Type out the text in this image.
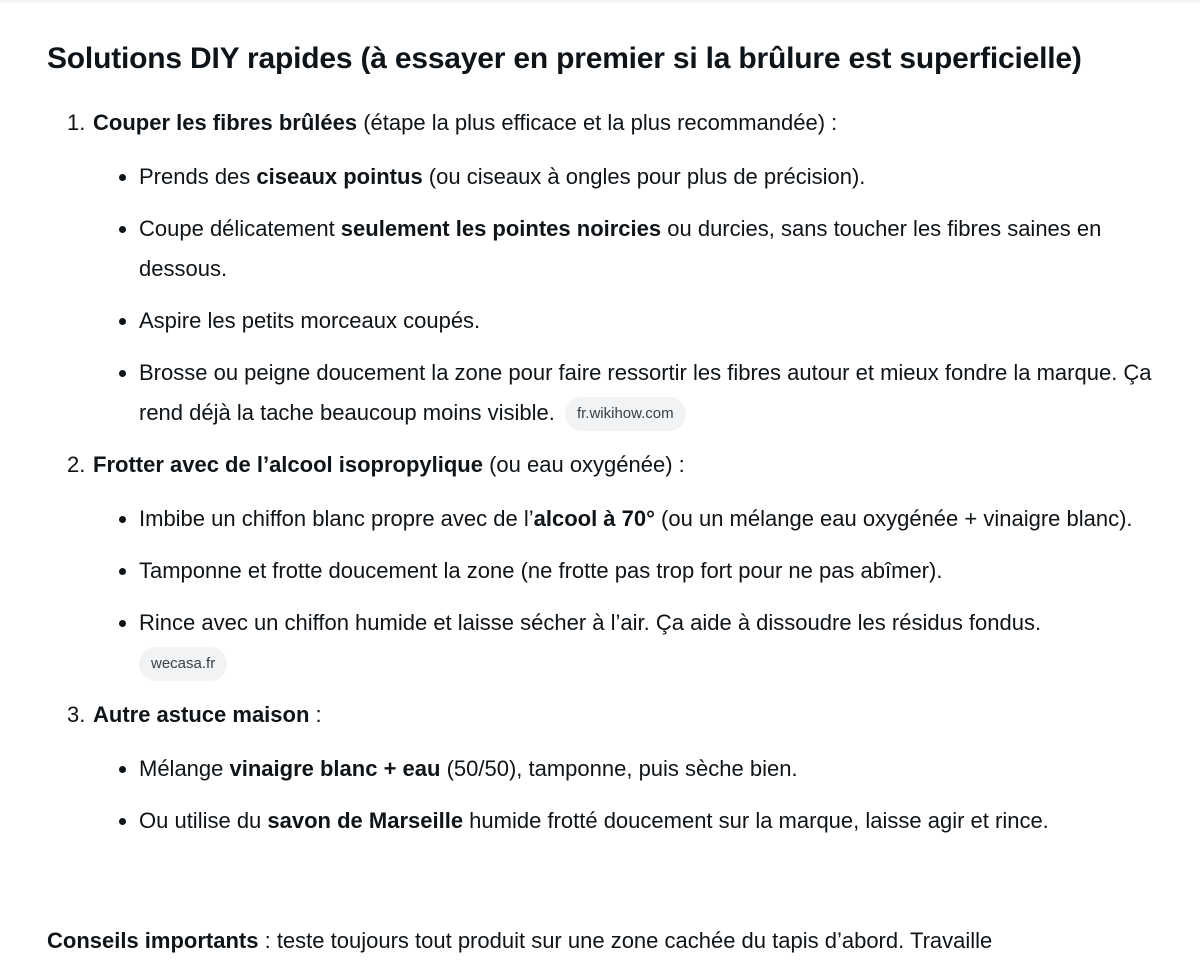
Solutions DIY rapides (à essayer en premier si la brûlure est superficielle)
1. Couper les fibres brûlées (étape la plus efficace et la plus recommandée) :
Prends des ciseaux pointus (ou ciseaux à ongles pour plus de précision).
Coupe délicatement seulement les pointes noircies ou durcies, sans toucher les fibres saines en dessous.
Aspire les petits morceaux coupés.
Brosse ou peigne doucement la zone pour faire ressortir les fibres autour et mieux fondre la marque. Ça rend déjà la tache beaucoup moins visible. fr.wikihow.com
2. Frotter avec de l’alcool isopropylique (ou eau oxygénée) :
Imbibe un chiffon blanc propre avec de l’alcool à 70° (ou un mélange eau oxygénée + vinaigre blanc).
Tamponne et frotte doucement la zone (ne frotte pas trop fort pour ne pas abîmer).
Rince avec un chiffon humide et laisse sécher à l’air. Ça aide à dissoudre les résidus fondus.
wecasa.fr
3. Autre astuce maison :
Mélange vinaigre blanc + eau (50/50), tamponne, puis sèche bien.
Ou utilise du savon de Marseille humide frotté doucement sur la marque, laisse agir et rince.

Conseils importants : teste toujours tout produit sur une zone cachée du tapis d’abord. Travaille
